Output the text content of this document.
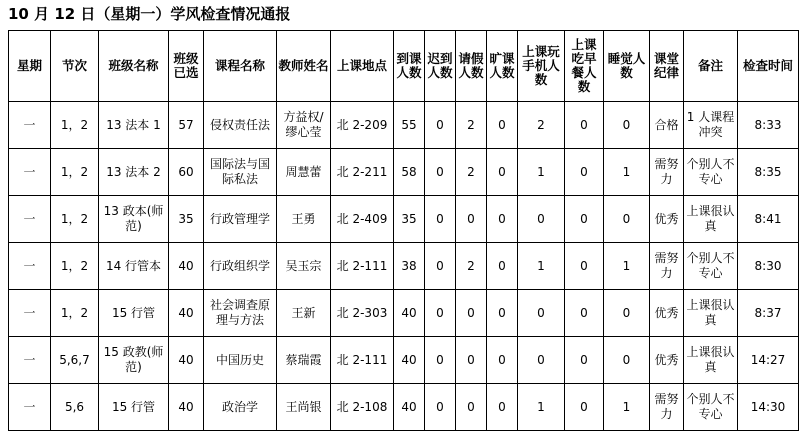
10 月 12 日（星期一）学风检查情况通报
星期	节次	班级名称	班级已选	课程名称	教师姓名	上课地点	到课人数	迟到人数	请假人数	旷课人数	上课玩手机人数	上课吃早餐人数	睡觉人数	课堂纪律	备注	检查时间
一	1，2	13 法本 1	57	侵权责任法	方益权/缪心莹	北 2-209	55	0	2	0	2	0	0	合格	1 人课程冲突	8:33
一	1，2	13 法本 2	60	国际法与国际私法	周慧蕾	北 2-211	58	0	2	0	1	0	1	需努力	个别人不专心	8:35
一	1，2	13 政本(师范)	35	行政管理学	王勇	北 2-409	35	0	0	0	0	0	0	优秀	上课很认真	8:41
一	1，2	14 行管本	40	行政组织学	吴玉宗	北 2-111	38	0	2	0	1	0	1	需努力	个别人不专心	8:30
一	1，2	15 行管	40	社会调查原理与方法	王新	北 2-303	40	0	0	0	0	0	0	优秀	上课很认真	8:37
一	5,6,7	15 政教(师范)	40	中国历史	蔡瑞霞	北 2-111	40	0	0	0	0	0	0	优秀	上课很认真	14:27
一	5,6	15 行管	40	政治学	王尚银	北 2-108	40	0	0	0	1	0	1	需努力	个别人不专心	14:30
